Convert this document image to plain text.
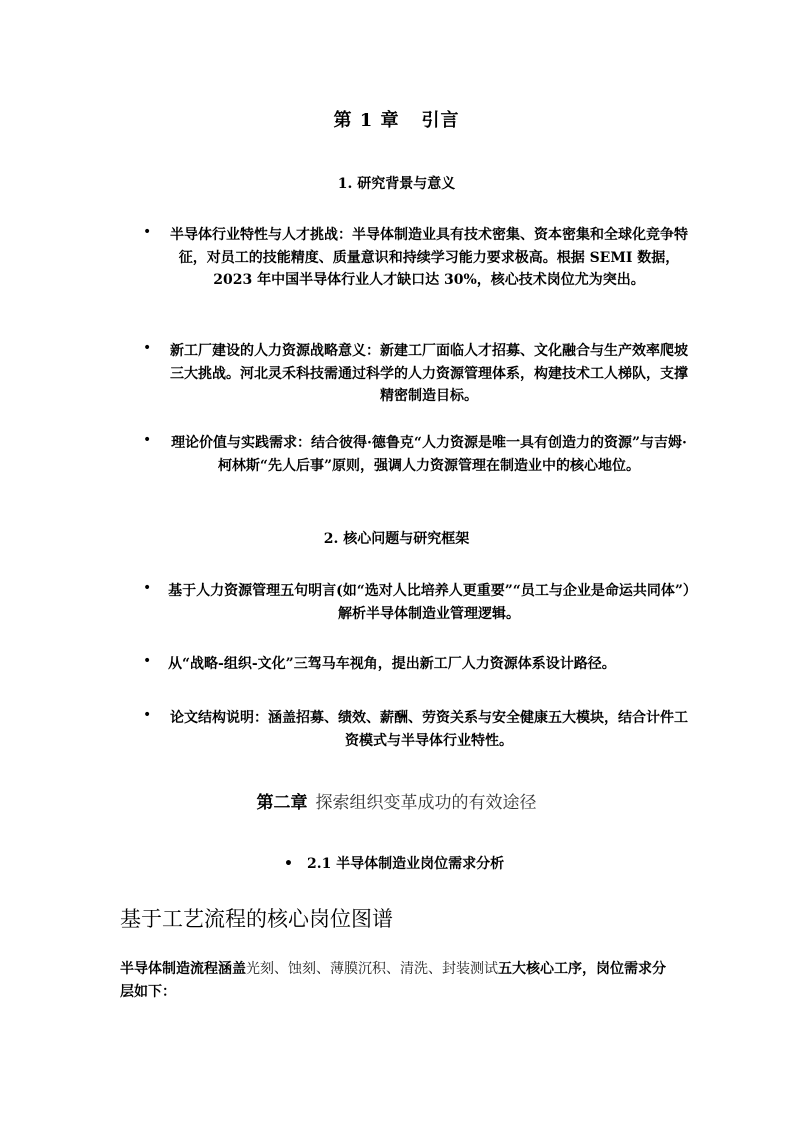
第 1 章 引言
1. 研究背景与意义
• 半导体行业特性与人才挑战：半导体制造业具有技术密集、资本密集和全球化竞争特征，对员工的技能精度、质量意识和持续学习能力要求极高。根据 SEMI 数据，2023 年中国半导体行业人才缺口达 30%，核心技术岗位尤为突出。
• 新工厂建设的人力资源战略意义：新建工厂面临人才招募、文化融合与生产效率爬坡三大挑战。河北灵禾科技需通过科学的人力资源管理体系，构建技术工人梯队，支撑精密制造目标。
• 理论价值与实践需求：结合彼得·德鲁克“人力资源是唯一具有创造力的资源”与吉姆·柯林斯“先人后事”原则，强调人力资源管理在制造业中的核心地位。
2. 核心问题与研究框架
• 基于人力资源管理五句明言(如“选对人比培养人更重要”“员工与企业是命运共同体”）解析半导体制造业管理逻辑。
• 从“战略-组织-文化”三驾马车视角，提出新工厂人力资源体系设计路径。
• 论文结构说明：涵盖招募、绩效、薪酬、劳资关系与安全健康五大模块，结合计件工资模式与半导体行业特性。
第二章 探索组织变革成功的有效途径
• 2.1 半导体制造业岗位需求分析
基于工艺流程的核心岗位图谱
半导体制造流程涵盖光刻、蚀刻、薄膜沉积、清洗、封装测试五大核心工序，岗位需求分层如下：
